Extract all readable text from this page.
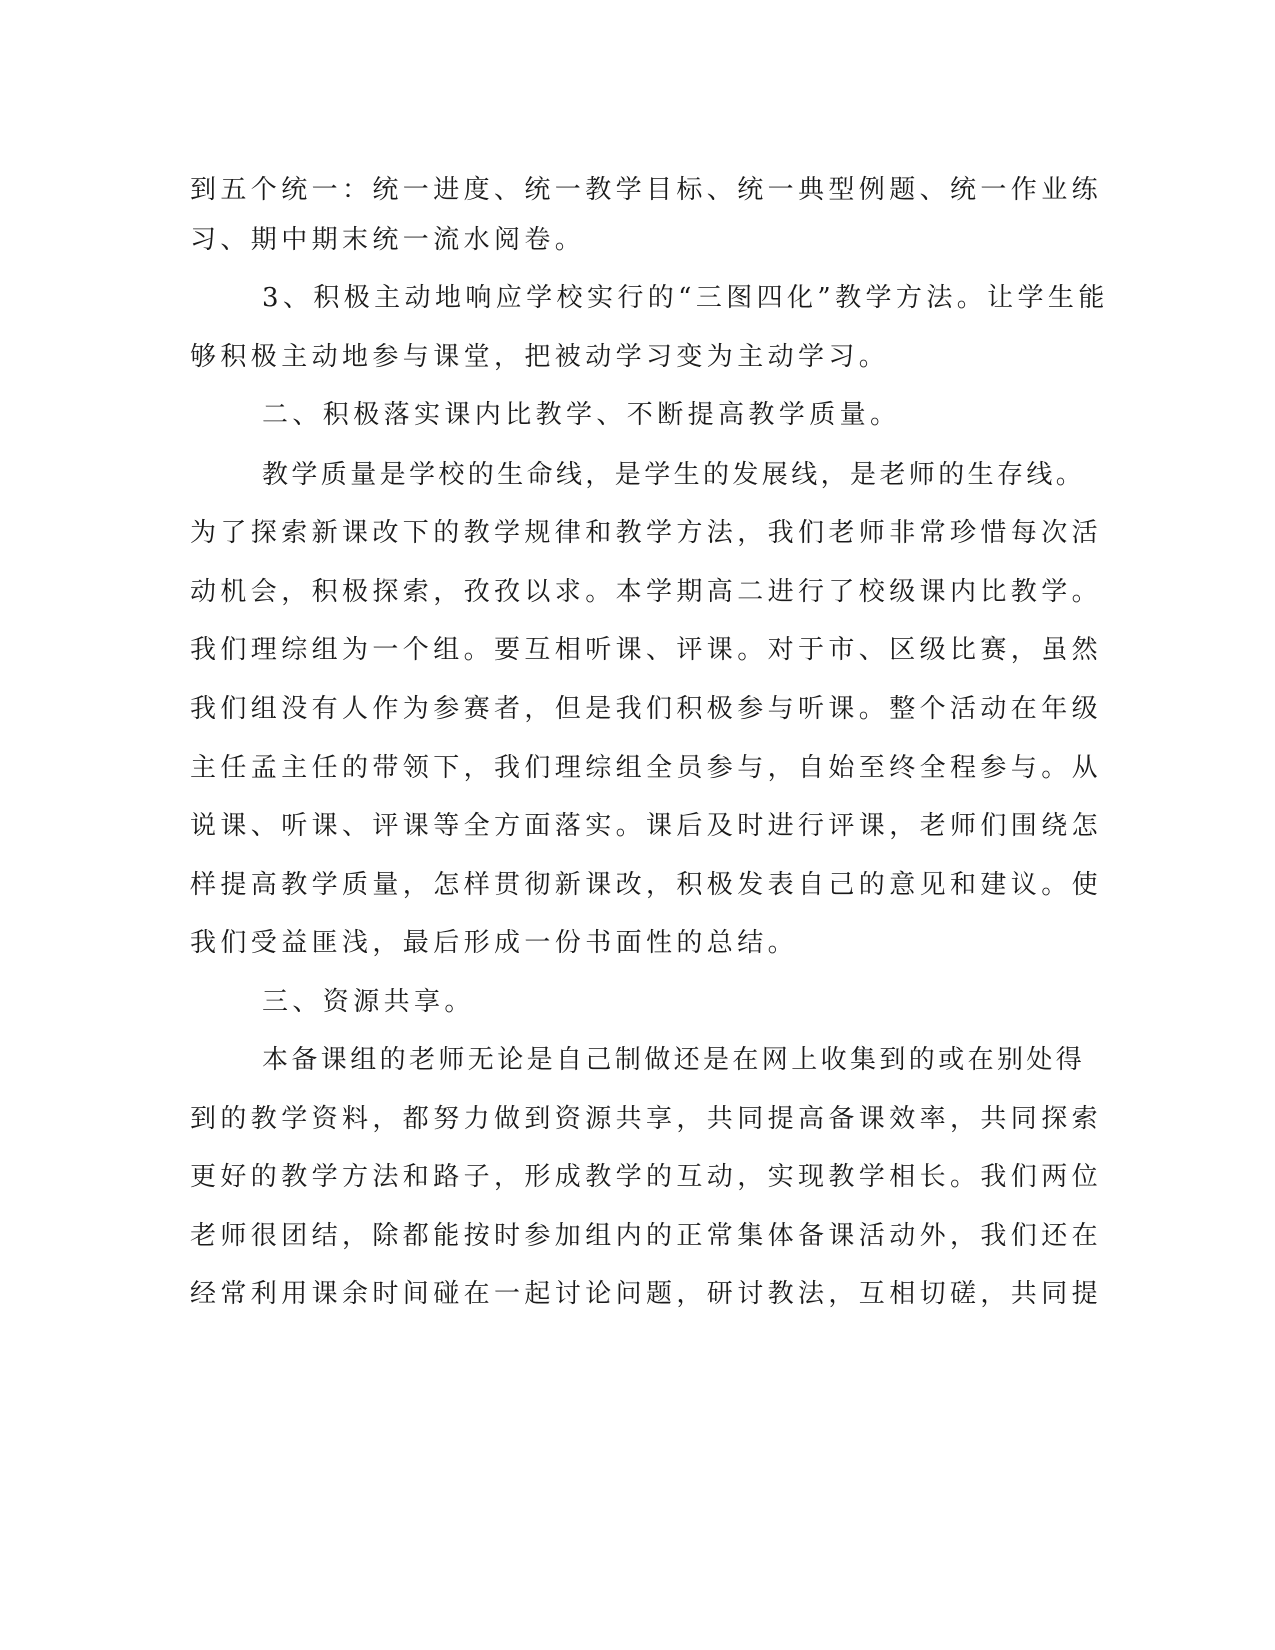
到五个统一：统一进度、统一教学目标、统一典型例题、统一作业练

习、期中期末统一流水阅卷。

3、积极主动地响应学校实行的“三图四化”教学方法。让学生能

够积极主动地参与课堂，把被动学习变为主动学习。

二、积极落实课内比教学、不断提高教学质量。

教学质量是学校的生命线，是学生的发展线，是老师的生存线。

为了探索新课改下的教学规律和教学方法，我们老师非常珍惜每次活

动机会，积极探索，孜孜以求。本学期高二进行了校级课内比教学。

我们理综组为一个组。要互相听课、评课。对于市、区级比赛，虽然

我们组没有人作为参赛者，但是我们积极参与听课。整个活动在年级

主任孟主任的带领下，我们理综组全员参与，自始至终全程参与。从

说课、听课、评课等全方面落实。课后及时进行评课，老师们围绕怎

样提高教学质量，怎样贯彻新课改，积极发表自己的意见和建议。使

我们受益匪浅，最后形成一份书面性的总结。

三、资源共享。

本备课组的老师无论是自己制做还是在网上收集到的或在别处得

到的教学资料，都努力做到资源共享，共同提高备课效率，共同探索

更好的教学方法和路子，形成教学的互动，实现教学相长。我们两位

老师很团结，除都能按时参加组内的正常集体备课活动外，我们还在

经常利用课余时间碰在一起讨论问题，研讨教法，互相切磋，共同提
